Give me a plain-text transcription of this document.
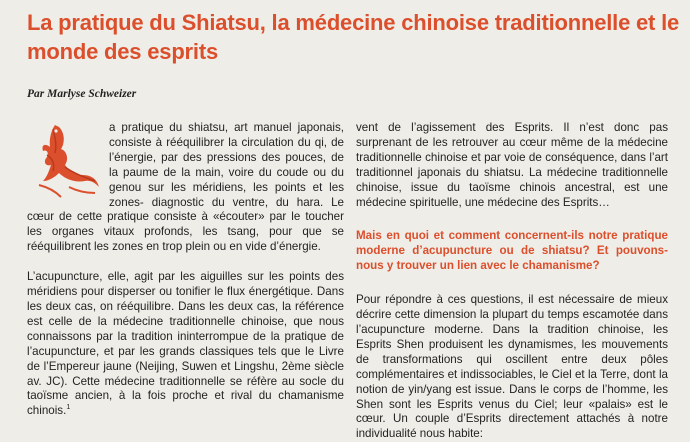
La pratique du Shiatsu, la médecine chinoise traditionnelle et le monde des esprits
Par Marlyse Schweizer

a pratique du shiatsu, art manuel japonais, consiste à rééquilibrer la circulation du qi, de l’énergie, par des pressions des pouces, de la paume de la main, voire du coude ou du genou sur les méridiens, les points et les zones- diagnostic du ventre, du hara. Le cœur de cette pratique consiste à «écouter» par le toucher les organes vitaux profonds, les tsang, pour que se rééquilibrent les zones en trop plein ou en vide d’énergie.

L’acupuncture, elle, agit par les aiguilles sur les points des méridiens pour disperser ou tonifier le flux énergétique. Dans les deux cas, on rééquilibre. Dans les deux cas, la référence est celle de la médecine traditionnelle chinoise, que nous connaissons par la tradition ininterrompue de la pratique de l’acupuncture, et par les grands classiques tels que le Livre de l’Empereur jaune (Neijing, Suwen et Lingshu, 2ème siècle av. JC). Cette médecine traditionnelle se réfère au socle du taoïsme ancien, à la fois proche et rival du chamanisme chinois.$^1$

vent de l’agissement des Esprits. Il n’est donc pas surprenant de les retrouver au cœur même de la médecine traditionnelle chinoise et par voie de conséquence, dans l’art traditionnel japonais du shiatsu. La médecine traditionnelle chinoise, issue du taoïsme chinois ancestral, est une médecine spirituelle, une médecine des Esprits…

Mais en quoi et comment concernent-ils notre pratique moderne d’acupuncture ou de shiatsu? Et pouvons-nous y trouver un lien avec le chamanisme?

Pour répondre à ces questions, il est nécessaire de mieux décrire cette dimension la plupart du temps escamotée dans l’acupuncture moderne. Dans la tradition chinoise, les Esprits Shen produisent les dynamismes, les mouvements de transformations qui oscillent entre deux pôles complémentaires et indissociables, le Ciel et la Terre, dont la notion de yin/yang est issue. Dans le corps de l’homme, les Shen sont les Esprits venus du Ciel; leur «palais» est le cœur. Un couple d’Esprits directement attachés à notre individualité nous habite:
